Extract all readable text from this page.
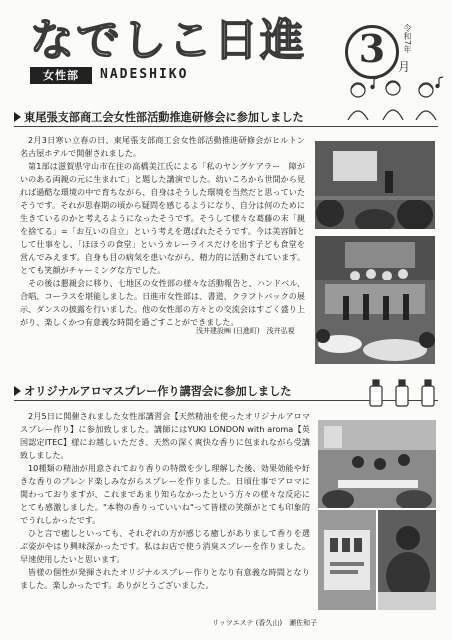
なでしこ日進	3	令和7年
月
女性部	NADESHIKO
東尾張支部商工会女性部活動推進研修会に参加しました

2月3日寒い立春の日、東尾張支部商工会女性部活動推進研修会がヒルトン名古屋ホテルで開催されました。

第1部は滋賀県守山市在住の高橋美江氏による「私のヤングケアラー　障がいのある両親の元に生まれて」と題した講演でした。幼いころから世間から見れば過酷な環境の中で育ちながら、自身はそうした環境を当然だと思っていたそうです。それが思春期の頃から疑問を感じるようになり、自分は何のために生きているのかと考えるようになったそうです。そうして様々な葛藤の末「親を捨てる」=「お互いの自立」という考えを選ばれたそうです。今は美容師として仕事をし、「ほほうの食堂」というカレーライスだけを出す子ども食堂を営んでみえます。自身も目の病気を患いながら、精力的に活動されています。とても笑顔がチャーミングな方でした。

その後は懇親会に移り、七地区の女性部の様々な活動報告と、ハンドベル、合唱、コーラスを堪能しました。日進市女性部は、書道、クラフトバックの展示、ダンスの披露を行いました。他の女性部の方々との交流会はすごく盛り上がり、楽しくかつ有意義な時間を過ごすことができました。

浅井建設㈱ (日進町)　浅井弘視
オリジナルアロマスプレー作り講習会に参加しました

2月5日に開催されました女性部講習会【天然精油を使ったオリジナルアロマスプレー作り】に参加致しました。講師にはYUKI LONDON with aroma【英国認定ITEC】様にお越しいただき、天然の深く爽快な香りに包まれながら受講致しました。

10種類の精油が用意されており香りの特徴を少し理解した後、効果効能や好きな香りのブレンド楽しみながらスプレーを作りました。日頃仕事でアロマに関わっておりますが、これまであまり知らなかったという方々の様々な反応にとても感激しました。"本物の香りっていいね"って皆様の笑顔がとても印象的でうれしかったです。

ひと言で癒しといっても、それぞれの方が感じる癒しがありまして香りを選ぶ姿がやはり興味深かったです。私はお店で使う消臭スプレーを作りました。早速使用したいと思います。

皆様の個性が発揮されたオリジナルスプレー作りとなり有意義な時間となりました。楽しかったです。ありがとうございました。

リッツエステ (香久山)　瀬佐和子
